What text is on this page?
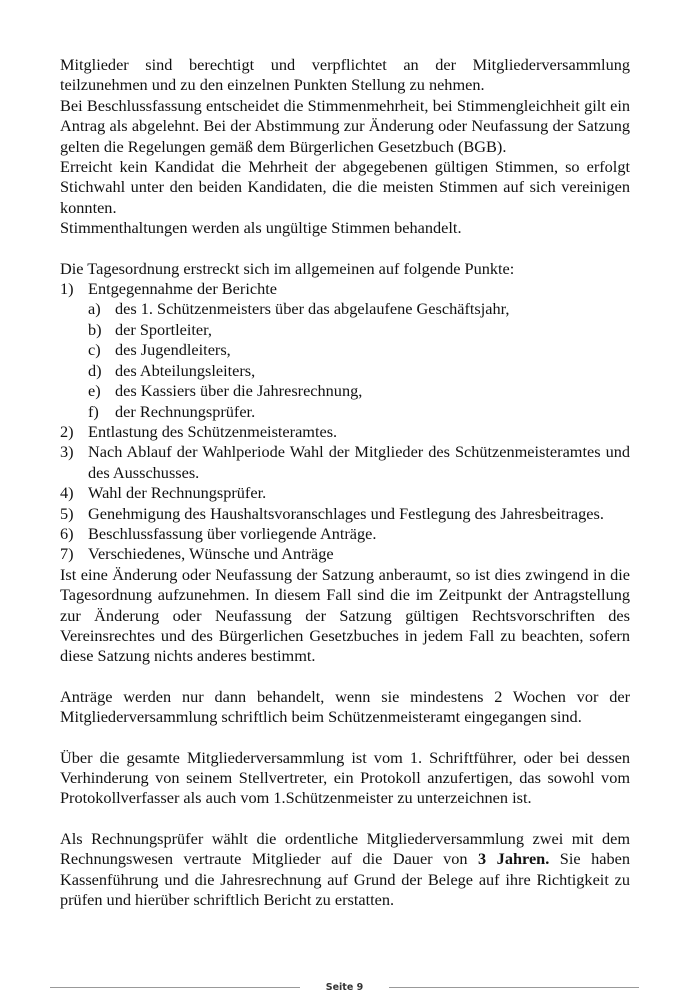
Mitglieder sind berechtigt und verpflichtet an der Mitgliederversammlung teilzunehmen und zu den einzelnen Punkten Stellung zu nehmen.

Bei Beschlussfassung entscheidet die Stimmenmehrheit, bei Stimmengleichheit gilt ein Antrag als abgelehnt. Bei der Abstimmung zur Änderung oder Neufassung der Satzung gelten die Regelungen gemäß dem Bürgerlichen Gesetzbuch (BGB).

Erreicht kein Kandidat die Mehrheit der abgegebenen gültigen Stimmen, so erfolgt Stichwahl unter den beiden Kandidaten, die die meisten Stimmen auf sich vereinigen konnten.

Stimmenthaltungen werden als ungültige Stimmen behandelt.

Die Tagesordnung erstreckt sich im allgemeinen auf folgende Punkte:

1) Entgegennahme der Berichte
a) des 1. Schützenmeisters über das abgelaufene Geschäftsjahr,
b) der Sportleiter,
c) des Jugendleiters,
d) des Abteilungsleiters,
e) des Kassiers über die Jahresrechnung,
f) der Rechnungsprüfer.
2) Entlastung des Schützenmeisteramtes.
3) Nach Ablauf der Wahlperiode Wahl der Mitglieder des Schützenmeisteramtes und des Ausschusses.
4) Wahl der Rechnungsprüfer.
5) Genehmigung des Haushaltsvoranschlages und Festlegung des Jahresbeitrages.
6) Beschlussfassung über vorliegende Anträge.
7) Verschiedenes, Wünsche und Anträge

Ist eine Änderung oder Neufassung der Satzung anberaumt, so ist dies zwingend in die Tagesordnung aufzunehmen. In diesem Fall sind die im Zeitpunkt der Antragstellung zur Änderung oder Neufassung der Satzung gültigen Rechtsvorschriften des Vereinsrechtes und des Bürgerlichen Gesetzbuches in jedem Fall zu beachten, sofern diese Satzung nichts anderes bestimmt.

Anträge werden nur dann behandelt, wenn sie mindestens 2 Wochen vor der Mitgliederversammlung schriftlich beim Schützenmeisteramt eingegangen sind.

Über die gesamte Mitgliederversammlung ist vom 1. Schriftführer, oder bei dessen Verhinderung von seinem Stellvertreter, ein Protokoll anzufertigen, das sowohl vom Protokollverfasser als auch vom 1.Schützenmeister zu unterzeichnen ist.

Als Rechnungsprüfer wählt die ordentliche Mitgliederversammlung zwei mit dem Rechnungswesen vertraute Mitglieder auf die Dauer von 3 Jahren. Sie haben Kassenführung und die Jahresrechnung auf Grund der Belege auf ihre Richtigkeit zu prüfen und hierüber schriftlich Bericht zu erstatten.

Seite 9
